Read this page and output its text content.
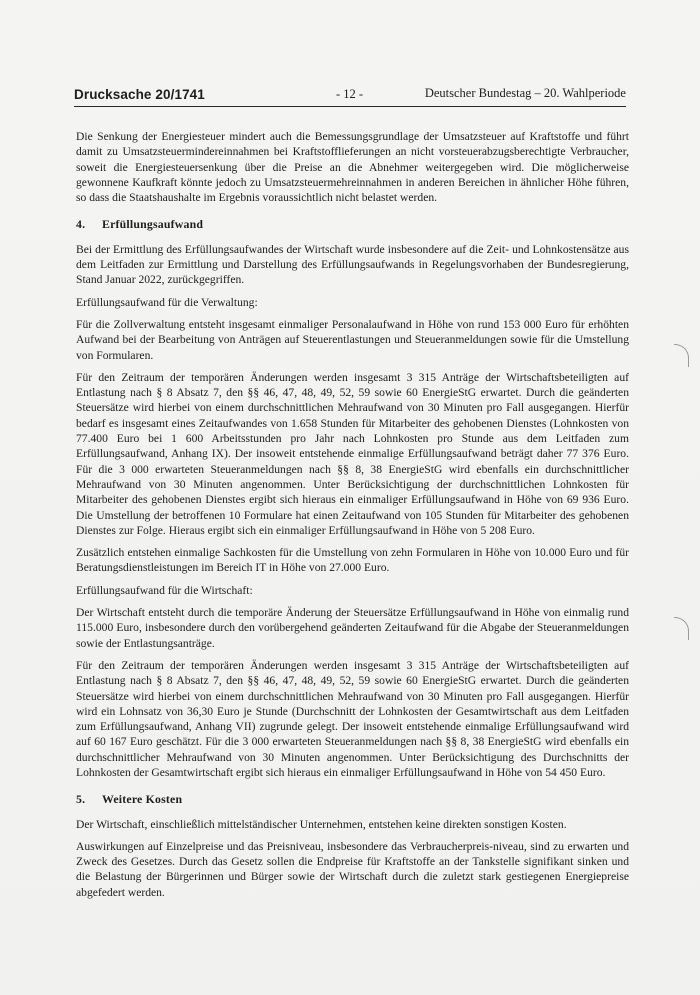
Drucksache 20/1741	- 12 -	Deutscher Bundestag – 20. Wahlperiode

Die Senkung der Energiesteuer mindert auch die Bemessungsgrundlage der Umsatzsteuer auf Kraftstoffe und führt damit zu Umsatzsteuermindereinnahmen bei Kraftstofflieferungen an nicht vorsteuerabzugsberechtigte Verbraucher, soweit die Energiesteuersenkung über die Preise an die Abnehmer weitergegeben wird. Die möglicherweise gewonnene Kaufkraft könnte jedoch zu Umsatzsteuermehreinnahmen in anderen Bereichen in ähnlicher Höhe führen, so dass die Staatshaushalte im Ergebnis voraussichtlich nicht belastet werden.

4. Erfüllungsaufwand

Bei der Ermittlung des Erfüllungsaufwandes der Wirtschaft wurde insbesondere auf die Zeit- und Lohnkostensätze aus dem Leitfaden zur Ermittlung und Darstellung des Erfüllungsaufwands in Regelungsvorhaben der Bundesregierung, Stand Januar 2022, zurückgegriffen.

Erfüllungsaufwand für die Verwaltung:

Für die Zollverwaltung entsteht insgesamt einmaliger Personalaufwand in Höhe von rund 153 000 Euro für erhöhten Aufwand bei der Bearbeitung von Anträgen auf Steuerentlastungen und Steueranmeldungen sowie für die Umstellung von Formularen.

Für den Zeitraum der temporären Änderungen werden insgesamt 3 315 Anträge der Wirtschaftsbeteiligten auf Entlastung nach § 8 Absatz 7, den §§ 46, 47, 48, 49, 52, 59 sowie 60 EnergieStG erwartet. Durch die geänderten Steuersätze wird hierbei von einem durchschnittlichen Mehraufwand von 30 Minuten pro Fall ausgegangen. Hierfür bedarf es insgesamt eines Zeitaufwandes von 1.658 Stunden für Mitarbeiter des gehobenen Dienstes (Lohnkosten von 77.400 Euro bei 1 600 Arbeitsstunden pro Jahr nach Lohnkosten pro Stunde aus dem Leitfaden zum Erfüllungsaufwand, Anhang IX). Der insoweit entstehende einmalige Erfüllungsaufwand beträgt daher 77 376 Euro. Für die 3 000 erwarteten Steueranmeldungen nach §§ 8, 38 EnergieStG wird ebenfalls ein durchschnittlicher Mehraufwand von 30 Minuten angenommen. Unter Berücksichtigung der durchschnittlichen Lohnkosten für Mitarbeiter des gehobenen Dienstes ergibt sich hieraus ein einmaliger Erfüllungsaufwand in Höhe von 69 936 Euro. Die Umstellung der betroffenen 10 Formulare hat einen Zeitaufwand von 105 Stunden für Mitarbeiter des gehobenen Dienstes zur Folge. Hieraus ergibt sich ein einmaliger Erfüllungsaufwand in Höhe von 5 208 Euro.

Zusätzlich entstehen einmalige Sachkosten für die Umstellung von zehn Formularen in Höhe von 10.000 Euro und für Beratungsdienstleistungen im Bereich IT in Höhe von 27.000 Euro.

Erfüllungsaufwand für die Wirtschaft:

Der Wirtschaft entsteht durch die temporäre Änderung der Steuersätze Erfüllungsaufwand in Höhe von einmalig rund 115.000 Euro, insbesondere durch den vorübergehend geänderten Zeitaufwand für die Abgabe der Steueranmeldungen sowie der Entlastungsanträge.

Für den Zeitraum der temporären Änderungen werden insgesamt 3 315 Anträge der Wirtschaftsbeteiligten auf Entlastung nach § 8 Absatz 7, den §§ 46, 47, 48, 49, 52, 59 sowie 60 EnergieStG erwartet. Durch die geänderten Steuersätze wird hierbei von einem durchschnittlichen Mehraufwand von 30 Minuten pro Fall ausgegangen. Hierfür wird ein Lohnsatz von 36,30 Euro je Stunde (Durchschnitt der Lohnkosten der Gesamtwirtschaft aus dem Leitfaden zum Erfüllungsaufwand, Anhang VII) zugrunde gelegt. Der insoweit entstehende einmalige Erfüllungsaufwand wird auf 60 167 Euro geschätzt. Für die 3 000 erwarteten Steueranmeldungen nach §§ 8, 38 EnergieStG wird ebenfalls ein durchschnittlicher Mehraufwand von 30 Minuten angenommen. Unter Berücksichtigung des Durchschnitts der Lohnkosten der Gesamtwirtschaft ergibt sich hieraus ein einmaliger Erfüllungsaufwand in Höhe von 54 450 Euro.

5. Weitere Kosten

Der Wirtschaft, einschließlich mittelständischer Unternehmen, entstehen keine direkten sonstigen Kosten.

Auswirkungen auf Einzelpreise und das Preisniveau, insbesondere das Verbraucherpreis-niveau, sind zu erwarten und Zweck des Gesetzes. Durch das Gesetz sollen die Endpreise für Kraftstoffe an der Tankstelle signifikant sinken und die Belastung der Bürgerinnen und Bürger sowie der Wirtschaft durch die zuletzt stark gestiegenen Energiepreise abgefedert werden.
